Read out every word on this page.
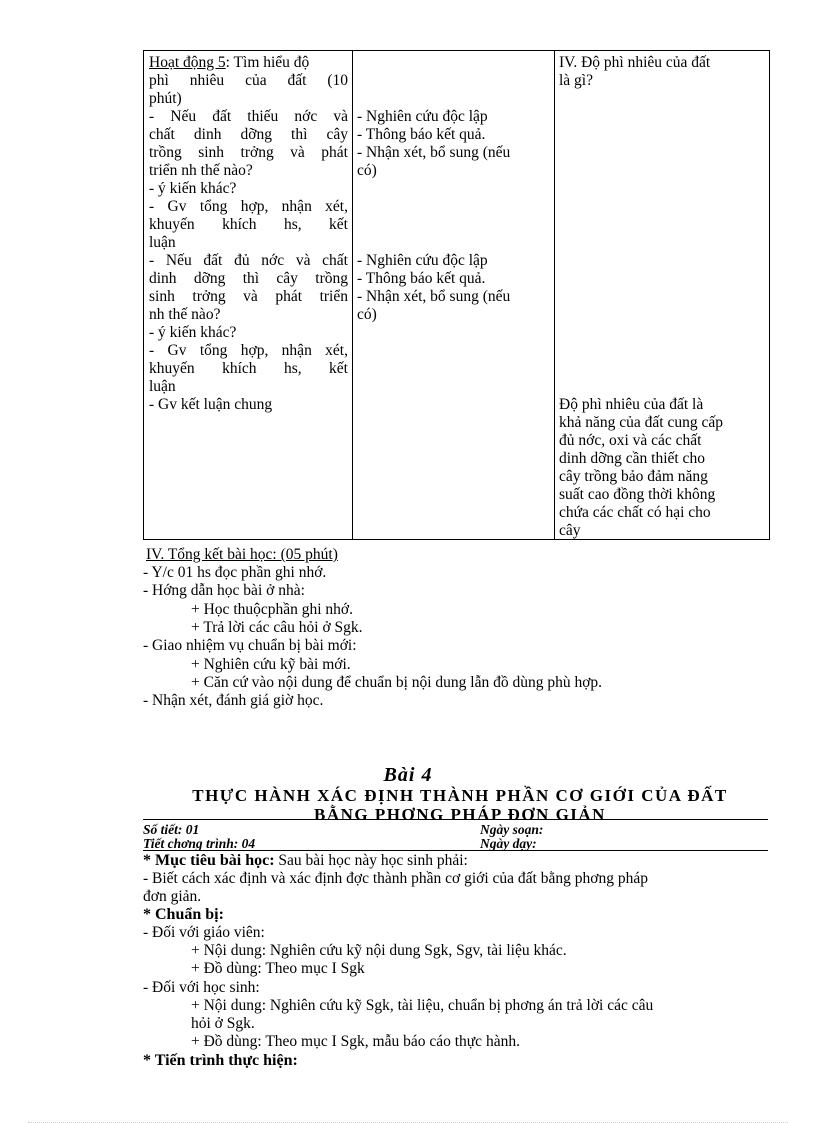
Hoạt động 5: Tìm hiểu độ
phì nhiêu của đất (10
phút)
- Nếu đất thiếu nớc và
chất dinh dỡng thì cây
trồng sinh trởng và phát
triển nh thế nào?
- ý kiến khác?
- Gv tổng hợp, nhận xét,
khuyến khích hs, kết
luận
- Nếu đất đủ nớc và chất
dinh dỡng thì cây trồng
sinh trởng và phát triển
nh thế nào?
- ý kiến khác?
- Gv tổng hợp, nhận xét,
khuyến khích hs, kết
luận
- Gv kết luận chung
- Nghiên cứu độc lập
- Thông báo kết quả.
- Nhận xét, bổ sung (nếu
có)
- Nghiên cứu độc lập
- Thông báo kết quả.
- Nhận xét, bổ sung (nếu
có)
IV. Độ phì nhiêu của đất
là gì?
Độ phì nhiêu của đất là
khả năng của đất cung cấp
đủ nớc, oxi và các chất
dinh dỡng cần thiết cho
cây trồng bảo đảm năng
suất cao đồng thời không
chứa các chất có hại cho
cây
IV. Tổng kết bài học: (05 phút)
- Y/c 01 hs đọc phần ghi nhớ.
- Hớng dẫn học bài ở nhà:
+ Học thuộcphần ghi nhớ.
+ Trả lời các câu hỏi ở Sgk.
- Giao nhiệm vụ chuẩn bị bài mới:
+ Nghiên cứu kỹ bài mới.
+ Căn cứ vào nội dung để chuẩn bị nội dung lẫn đồ dùng phù hợp.
- Nhận xét, đánh giá giờ học.
Bài 4
THỰC HÀNH XÁC ĐỊNH THÀNH PHẦN CƠ GIỚI CỦA ĐẤT
BẰNG PHƠNG PHÁP ĐƠN GIẢN
Số tiết: 01	Ngày soạn:
Tiết chơng trình: 04	Ngày dạy:
* Mục tiêu bài học: Sau bài học này học sinh phải:
- Biết cách xác định và xác định đợc thành phần cơ giới của đất bằng phơng pháp
đơn giản.
* Chuẩn bị:
- Đối với giáo viên:
+ Nội dung: Nghiên cứu kỹ nội dung Sgk, Sgv, tài liệu khác.
+ Đồ dùng: Theo mục I Sgk
- Đối với học sinh:
+ Nội dung: Nghiên cứu kỹ Sgk, tài liệu, chuẩn bị phơng án trả lời các câu
hỏi ở Sgk.
+ Đồ dùng: Theo mục I Sgk, mẫu báo cáo thực hành.
* Tiến trình thực hiện:
